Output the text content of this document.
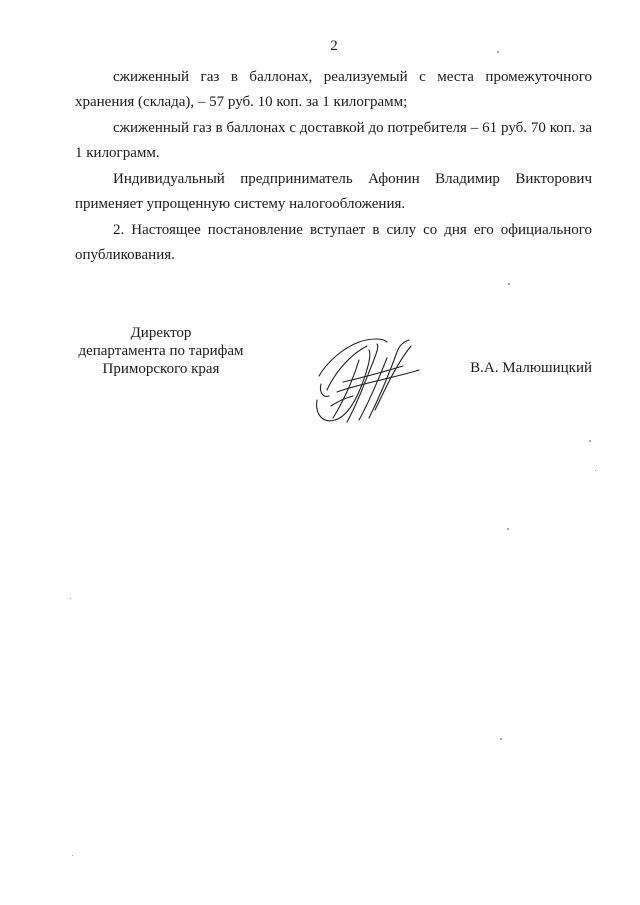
2

сжиженный газ в баллонах, реализуемый с места промежуточного хранения (склада), – 57 руб. 10 коп. за 1 килограмм;

сжиженный газ в баллонах с доставкой до потребителя – 61 руб. 70 коп. за 1 килограмм.

Индивидуальный предприниматель Афонин Владимир Викторович применяет упрощенную систему налогообложения.

2. Настоящее постановление вступает в силу со дня его официального опубликования.

Директор
департамента по тарифам
Приморского края	В.А. Малюшицкий
